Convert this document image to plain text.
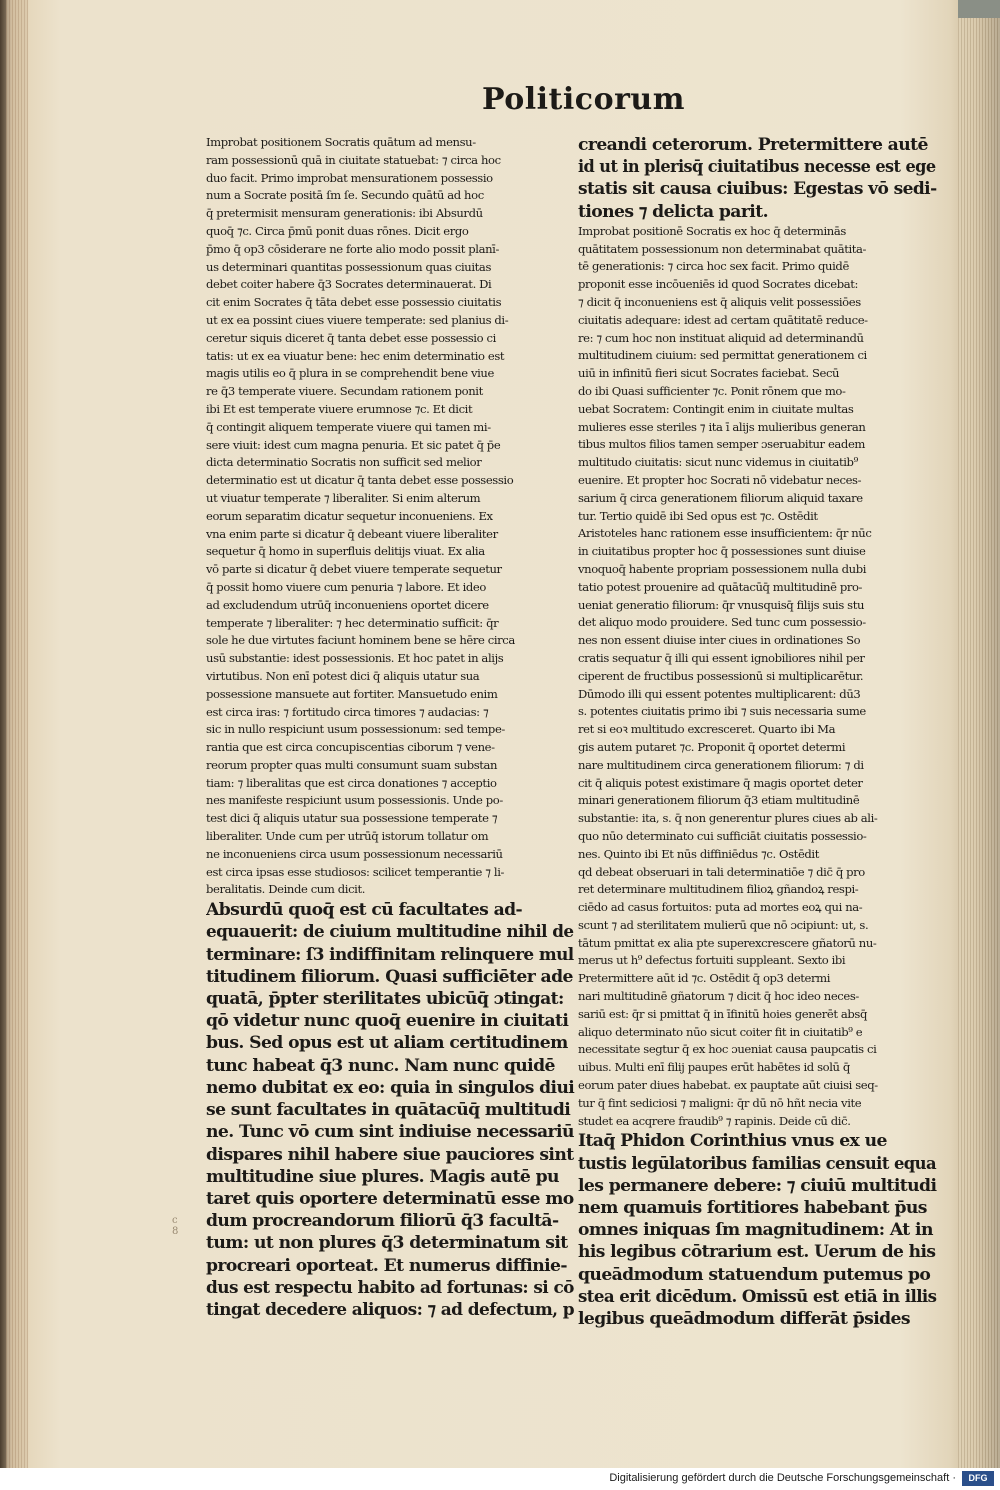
Politicorum
Improbat positionem Socratis quātum ad mensu-
ram possessionū quā in ciuitate statuebat: ⁊ circa hoc
duo facit. Primo improbat mensurationem possessio
num a Socrate positā ſm ſe. Secundo quātū ad hoc
q̄ pretermisit mensuram generationis: ibi Absurdū
quoq̄ ⁊c. Circa p̄mū ponit duas rōnes. Dicit ergo
p̄mo q̄ op3 cōsiderare ne forte alio modo possit planī-
us determinari quantitas possessionum quas ciuitas
debet coiter habere q̄3 Socrates determinauerat. Di
cit enim Socrates q̄ tāta debet esse possessio ciuitatis
ut ex ea possint ciues viuere temperate: sed planius di-
ceretur siquis diceret q̄ tanta debet esse possessio ci
tatis: ut ex ea viuatur bene: hec enim determinatio est
magis utilis eo q̄ plura in se comprehendit bene viue
re q̄3 temperate viuere. Secundam rationem ponit
ibi Et est temperate viuere erumnose ⁊c. Et dicit
q̄ contingit aliquem temperate viuere qui tamen mi-
sere viuit: idest cum magna penuria. Et sic patet q̄ p̄e
dicta determinatio Socratis non sufficit sed melior
determinatio est ut dicatur q̄ tanta debet esse possessio
ut viuatur temperate ⁊ liberaliter. Si enim alterum
eorum separatim dicatur sequetur inconueniens. Ex
vna enim parte si dicatur q̄ debeant viuere liberaliter
sequetur q̄ homo in superfluis delitijs viuat. Ex alia
vō parte si dicatur q̄ debet viuere temperate sequetur
q̄ possit homo viuere cum penuria ⁊ labore. Et ideo
ad excludendum utrūq̄ inconueniens oportet dicere
temperate ⁊ liberaliter: ⁊ hec determinatio sufficit: q̄r
sole he due virtutes faciunt hominem bene se hēre circa
usū substantie: idest possessionis. Et hoc patet in alijs
virtutibus. Non enī potest dici q̄ aliquis utatur sua
possessione mansuete aut fortiter. Mansuetudo enim
est circa iras: ⁊ fortitudo circa timores ⁊ audacias: ⁊
sic in nullo respiciunt usum possessionum: sed tempe-
rantia que est circa concupiscentias ciborum ⁊ vene-
reorum propter quas multi consumunt suam substan
tiam: ⁊ liberalitas que est circa donationes ⁊ acceptio
nes manifeste respiciunt usum possessionis. Unde po-
test dici q̄ aliquis utatur sua possessione temperate ⁊
liberaliter. Unde cum per utrūq̄ istorum tollatur om
ne inconueniens circa usum possessionum necessariū
est circa ipsas esse studiosos: scilicet temperantie ⁊ li-
beralitatis. Deinde cum dicit.
Absurdū quoq̄ est cū facultates ad-
equauerit: de ciuium multitudine nihil de
terminare: ſ3 indiffinitam relinquere mul
titudinem filiorum. Quasi sufficiēter ade
quatā, p̄pter sterilitates ubicūq̄ ɔtingat:
qō videtur nunc quoq̄ euenire in ciuitati
bus. Sed opus est ut aliam certitudinem
tunc habeat q̄3 nunc. Nam nunc quidē
nemo dubitat ex eo: quia in singulos diui
se sunt facultates in quātacūq̄ multitudi
ne. Tunc vō cum sint indiuise necessariū
dispares nihil habere siue pauciores sint
multitudine siue plures. Magis autē pu
taret quis oportere determinatū esse mo
dum procreandorum filiorū q̄3 facultā-
tum: ut non plures q̄3 determinatum sit
procreari oporteat. Et numerus diffinie-
dus est respectu habito ad fortunas: si cō
tingat decedere aliquos: ⁊ ad defectum, p
creandi ceterorum. Pretermittere autē
id ut in plerisq̄ ciuitatibus necesse est ege
statis sit causa ciuibus: Egestas vō sedi-
tiones ⁊ delicta parit.
Improbat positionē Socratis ex hoc q̄ determinās
quātitatem possessionum non determinabat quātita-
tē generationis: ⁊ circa hoc sex facit. Primo quidē
proponit esse incōueniēs id quod Socrates dicebat:
⁊ dicit q̄ inconueniens est q̄ aliquis velit possessiōes
ciuitatis adequare: idest ad certam quātitatē reduce-
re: ⁊ cum hoc non instituat aliquid ad determinandū
multitudinem ciuium: sed permittat generationem ci
uiū in infinitū fieri sicut Socrates faciebat. Secū
do ibi Quasi sufficienter ⁊c. Ponit rōnem que mo-
uebat Socratem: Contingit enim in ciuitate multas
mulieres esse steriles ⁊ ita ī alijs mulieribus generan
tibus multos filios tamen semper ɔseruabitur eadem
multitudo ciuitatis: sicut nunc videmus in ciuitatib⁹
euenire. Et propter hoc Socrati nō videbatur neces-
sarium q̄ circa generationem filiorum aliquid taxare
tur. Tertio quidē ibi Sed opus est ⁊c. Ostēdit
Aristoteles hanc rationem esse insufficientem: q̄r nūc
in ciuitatibus propter hoc q̄ possessiones sunt diuise
vnoquoq̄ habente propriam possessionem nulla dubi
tatio potest prouenire ad quātacūq̄ multitudinē pro-
ueniat generatio filiorum: q̄r vnusquisq̄ filijs suis stu
det aliquo modo prouidere. Sed tunc cum possessio-
nes non essent diuise inter ciues in ordinationes So
cratis sequatur q̄ illi qui essent ignobiliores nihil per
ciperent de fructibus possessionū si multiplicarētur.
Dūmodo illi qui essent potentes multiplicarent: dū3
s. potentes ciuitatis primo ibi ⁊ suis necessaria sume
ret si eoꝛ multitudo excresceret. Quarto ibi Ma
gis autem putaret ⁊c. Proponit q̄ oportet determi
nare multitudinem circa generationem filiorum: ⁊ di
cit q̄ aliquis potest existimare q̄ magis oportet deter
minari generationem filiorum q̄3 etiam multitudinē
substantie: ita, s. q̄ non generentur plures ciues ab ali-
quo nūo determinato cui sufficiāt ciuitatis possessio-
nes. Quinto ibi Et nūs diffiniēdus ⁊c. Ostēdit
qd debeat obseruari in tali determinatiōe ⁊ dic̄ q̄ pro
ret determinare multitudinem filioꝝ gñandoꝝ respi-
ciēdo ad casus fortuitos: puta ad mortes eoꝝ qui na-
scunt ⁊ ad sterilitatem mulierū que nō ɔcipiunt: ut, s.
tātum pmittat ex alia pte superexcrescere gñatorū nu-
merus ut h⁹ defectus fortuiti suppleant. Sexto ibi
Pretermittere aūt id ⁊c. Ostēdit q̄ op3 determi
nari multitudinē gñatorum ⁊ dicit q̄ hoc ideo neces-
sariū est: q̄r si pmittat q̄ in īfinitū hoies generēt absq̄
aliquo determinato nūo sicut coiter fit in ciuitatib⁹ e
necessitate segtur q̄ ex hoc ɔueniat causa paupcatis ci
uibus. Multi enī filij paupes erūt habētes id solū q̄
eorum pater diues habebat. ex pauptate aūt ciuisi seq-
tur q̄ fint sediciosi ⁊ maligni: q̄r dū nō hñt necia vite
studet ea acqrere fraudib⁹ ⁊ rapinis. Deide cū dic̄.
Itaq̄ Phidon Corinthius vnus ex ue
tustis legūlatoribus familias censuit equa
les permanere debere: ⁊ ciuiū multitudi
nem quamuis fortitiores habebant p̄us
omnes iniquas ſm magnitudinem: At in
his legibus cōtrarium est. Uerum de his
queādmodum statuendum putemus po
stea erit dicēdum. Omissū est etiā in illis
legibus queādmodum differāt p̄sides
c 8
Digitalisierung gefördert durch die Deutsche Forschungsgemeinschaft ·	DFG
